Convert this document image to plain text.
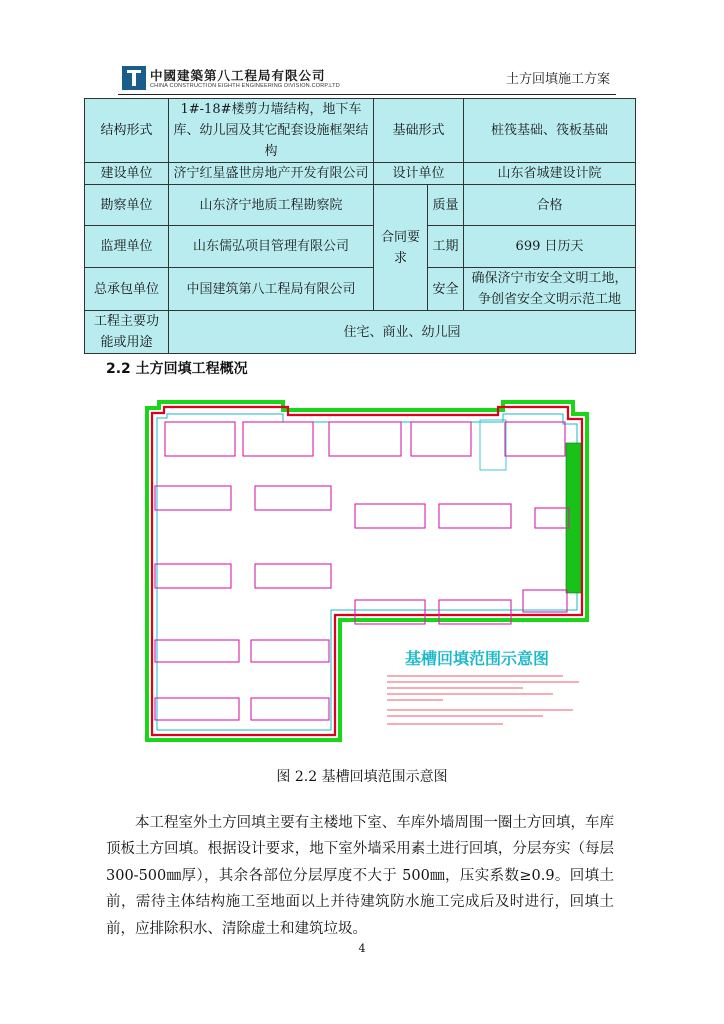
中國建築第八工程局有限公司
CHINA CONSTRUCTION EIGHTH ENGINEERING DIVISION.CORP.LTD	土方回填施工方案
结构形式	1#-18#楼剪力墙结构，地下车库、幼儿园及其它配套设施框架结构	基础形式		桩筏基础、筏板基础
建设单位	济宁红星盛世房地产开发有限公司	设计单位		山东省城建设计院
勘察单位	山东济宁地质工程勘察院	合同要求	质量	合格
监理单位	山东儒弘项目管理有限公司		工期	699 日历天
总承包单位	中国建筑第八工程局有限公司		安全	确保济宁市安全文明工地，争创省安全文明示范工地
工程主要功能或用途	住宅、商业、幼儿园			
2.2 土方回填工程概况
基槽回填范围示意图
图 2.2 基槽回填范围示意图

本工程室外土方回填主要有主楼地下室、车库外墙周围一圈土方回填，车库顶板土方回填。根据设计要求，地下室外墙采用素土进行回填，分层夯实（每层300-500㎜厚），其余各部位分层厚度不大于 500㎜，压实系数≥0.9。回填土前，需待主体结构施工至地面以上并待建筑防水施工完成后及时进行，回填土前，应排除积水、清除虚土和建筑垃圾。

4
